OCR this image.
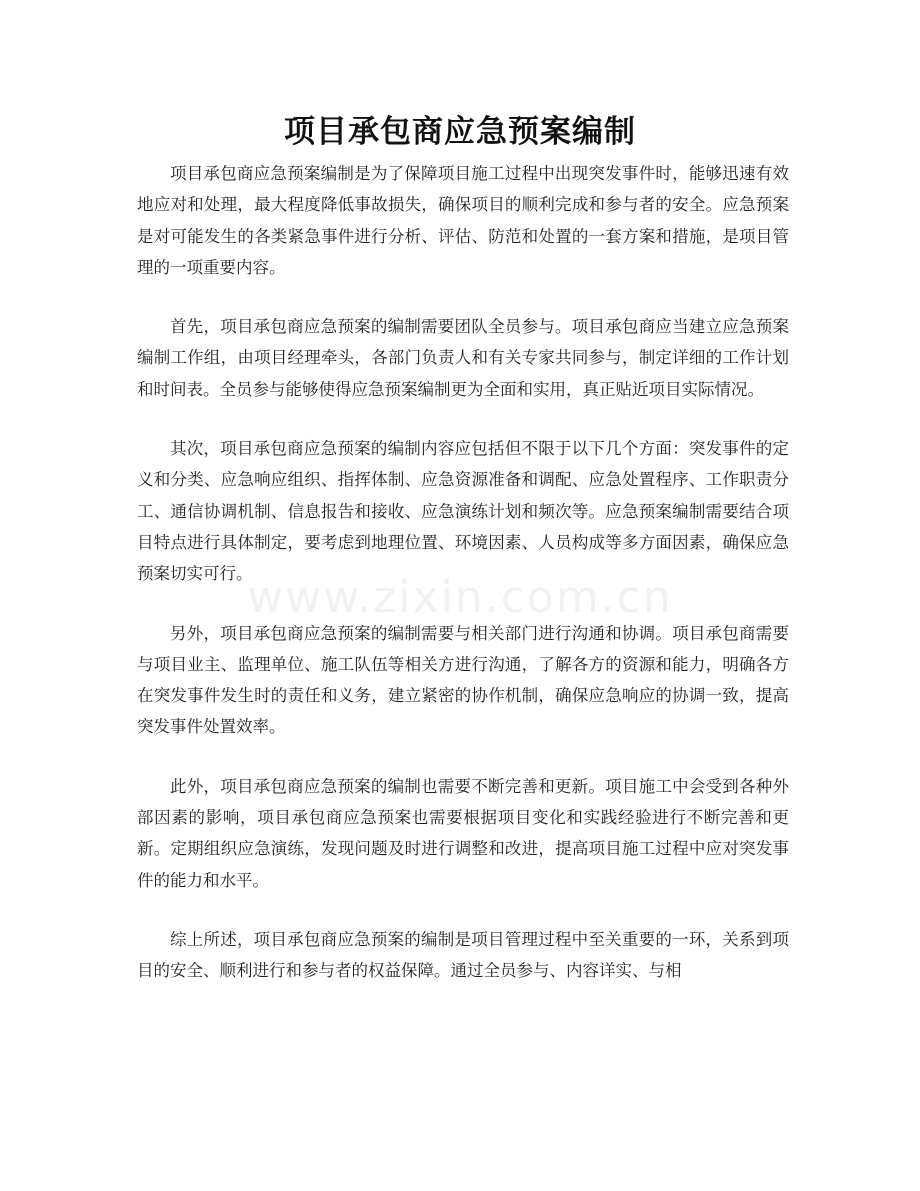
项目承包商应急预案编制

项目承包商应急预案编制是为了保障项目施工过程中出现突发事件时，能够迅速有效地应对和处理，最大程度降低事故损失，确保项目的顺利完成和参与者的安全。应急预案是对可能发生的各类紧急事件进行分析、评估、防范和处置的一套方案和措施，是项目管理的一项重要内容。

首先，项目承包商应急预案的编制需要团队全员参与。项目承包商应当建立应急预案编制工作组，由项目经理牵头，各部门负责人和有关专家共同参与，制定详细的工作计划和时间表。全员参与能够使得应急预案编制更为全面和实用，真正贴近项目实际情况。

其次，项目承包商应急预案的编制内容应包括但不限于以下几个方面：突发事件的定义和分类、应急响应组织、指挥体制、应急资源准备和调配、应急处置程序、工作职责分工、通信协调机制、信息报告和接收、应急演练计划和频次等。应急预案编制需要结合项目特点进行具体制定，要考虑到地理位置、环境因素、人员构成等多方面因素，确保应急预案切实可行。

另外，项目承包商应急预案的编制需要与相关部门进行沟通和协调。项目承包商需要与项目业主、监理单位、施工队伍等相关方进行沟通，了解各方的资源和能力，明确各方在突发事件发生时的责任和义务，建立紧密的协作机制，确保应急响应的协调一致，提高突发事件处置效率。

此外，项目承包商应急预案的编制也需要不断完善和更新。项目施工中会受到各种外部因素的影响，项目承包商应急预案也需要根据项目变化和实践经验进行不断完善和更新。定期组织应急演练，发现问题及时进行调整和改进，提高项目施工过程中应对突发事件的能力和水平。

综上所述，项目承包商应急预案的编制是项目管理过程中至关重要的一环，关系到项目的安全、顺利进行和参与者的权益保障。通过全员参与、内容详实、与相

www.zixin.com.cn
